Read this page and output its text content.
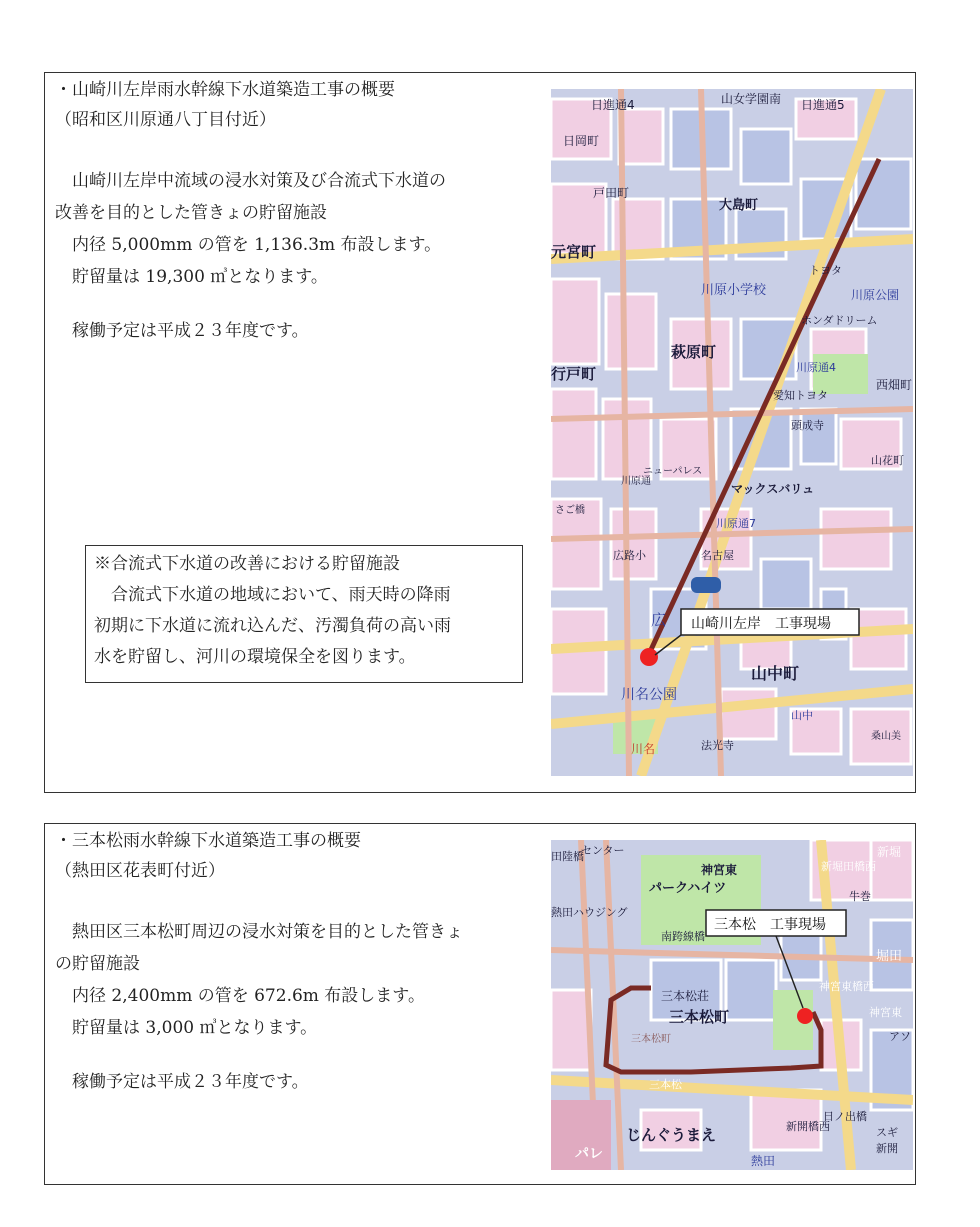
・山崎川左岸雨水幹線下水道築造工事の概要
（昭和区川原通八丁目付近）
　山崎川左岸中流域の浸水対策及び合流式下水道の
改善を目的とした管きょの貯留施設
　内径 5,000mm の管を 1,136.3m 布設します。
　貯留量は 19,300 ㎥となります。
　稼働予定は平成２３年度です。
※合流式下水道の改善における貯留施設
　合流式下水道の地域において、雨天時の降雨
初期に下水道に流れ込んだ、汚濁負荷の高い雨
水を貯留し、河川の環境保全を図ります。
山崎川左岸　工事現場
日進通4	日進通5
山女学園南
日岡町
戸田町
大島町
元宮町
萩原町
川原小学校
ホンダドリーム
トヨタ
川原通4
愛知トヨタ
頭成寺
西畑町
山花町
マックスバリュ
川原通7
名古屋
広路小
広
川名公園
山中町
山中
法光寺
川名
行戸町
川原公園
ニューパレス
川原通
さご橋
桑山美
・三本松雨水幹線下水道築造工事の概要
（熱田区花表町付近）
　熱田区三本松町周辺の浸水対策を目的とした管きょ
の貯留施設
　内径 2,400mm の管を 672.6m 布設します。
　貯留量は 3,000 ㎥となります。
　稼働予定は平成２３年度です。
三本松　工事現場
田陸橋
センター
熱田ハウジング
神宮東
パークハイツ
新堀田橋西
牛巻
新堀
南跨線橋
三本松荘
三本松町
神宮東橋西
堀田
神宮東
三本松
じんぐうまえ	新開橋西
日ノ出橋
熱田
三本松町	アソ
スギ
新開
パレ
